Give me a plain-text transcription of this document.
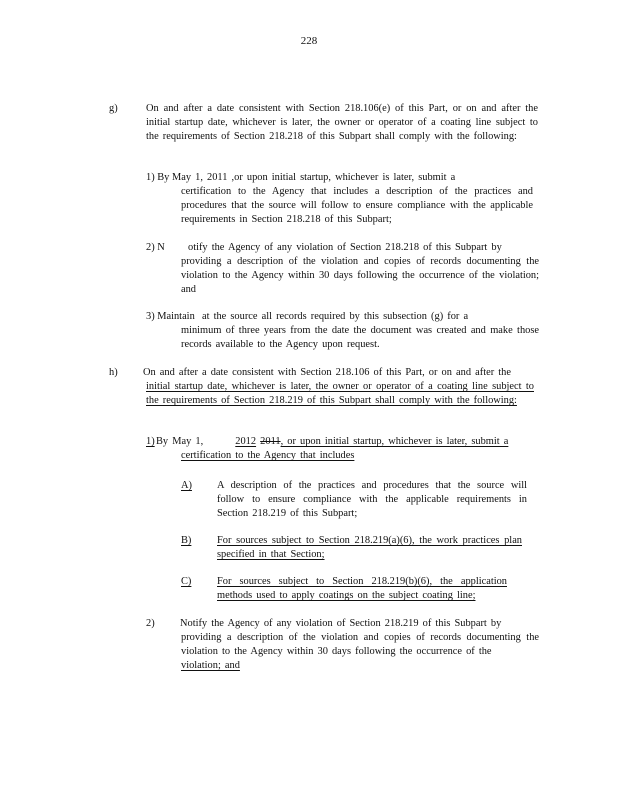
228
g)	On and after a date consistent with Section 218.106(e) of this Part, or on and after the initial startup date, whichever is later, the owner or operator of a coating line subject to the requirements of Section 218.218 of this Subpart shall comply with the following:
1) By May 1, 2011 ,or upon initial startup, whichever is later, submit a
certification to the Agency that includes a description of the practices and procedures that the source will follow to ensure compliance with the applicable requirements in Section 218.218 of this Subpart;
2) N otify the Agency of any violation of Section 218.218 of this Subpart by
providing a description of the violation and copies of records documenting the violation to the Agency within 30 days following the occurrence of the violation; and
3) Maintain at the source all records required by this subsection (g) for a
minimum of three years from the date the document was created and make those records available to the Agency upon request.
h) On and after a date consistent with Section 218.106 of this Part, or on and after the
initial startup date, whichever is later, the owner or operator of a coating line subject to the requirements of Section 218.219 of this Subpart shall comply with the following:
1) By May 1,	2012 2011, or upon initial startup, whichever is later, submit a
certification to the Agency that includes
A) A description of the practices and procedures that the source will follow to ensure compliance with the applicable requirements in Section 218.219 of this Subpart;
B) For sources subject to Section 218.219(a)(6), the work practices plan specified in that Section;
C) For sources subject to Section 218.219(b)(6), the application methods used to apply coatings on the subject coating line;
2) Notify the Agency of any violation of Section 218.219 of this Subpart by
providing a description of the violation and copies of records documenting the violation to the Agency within 30 days following the occurrence of the
violation; and
